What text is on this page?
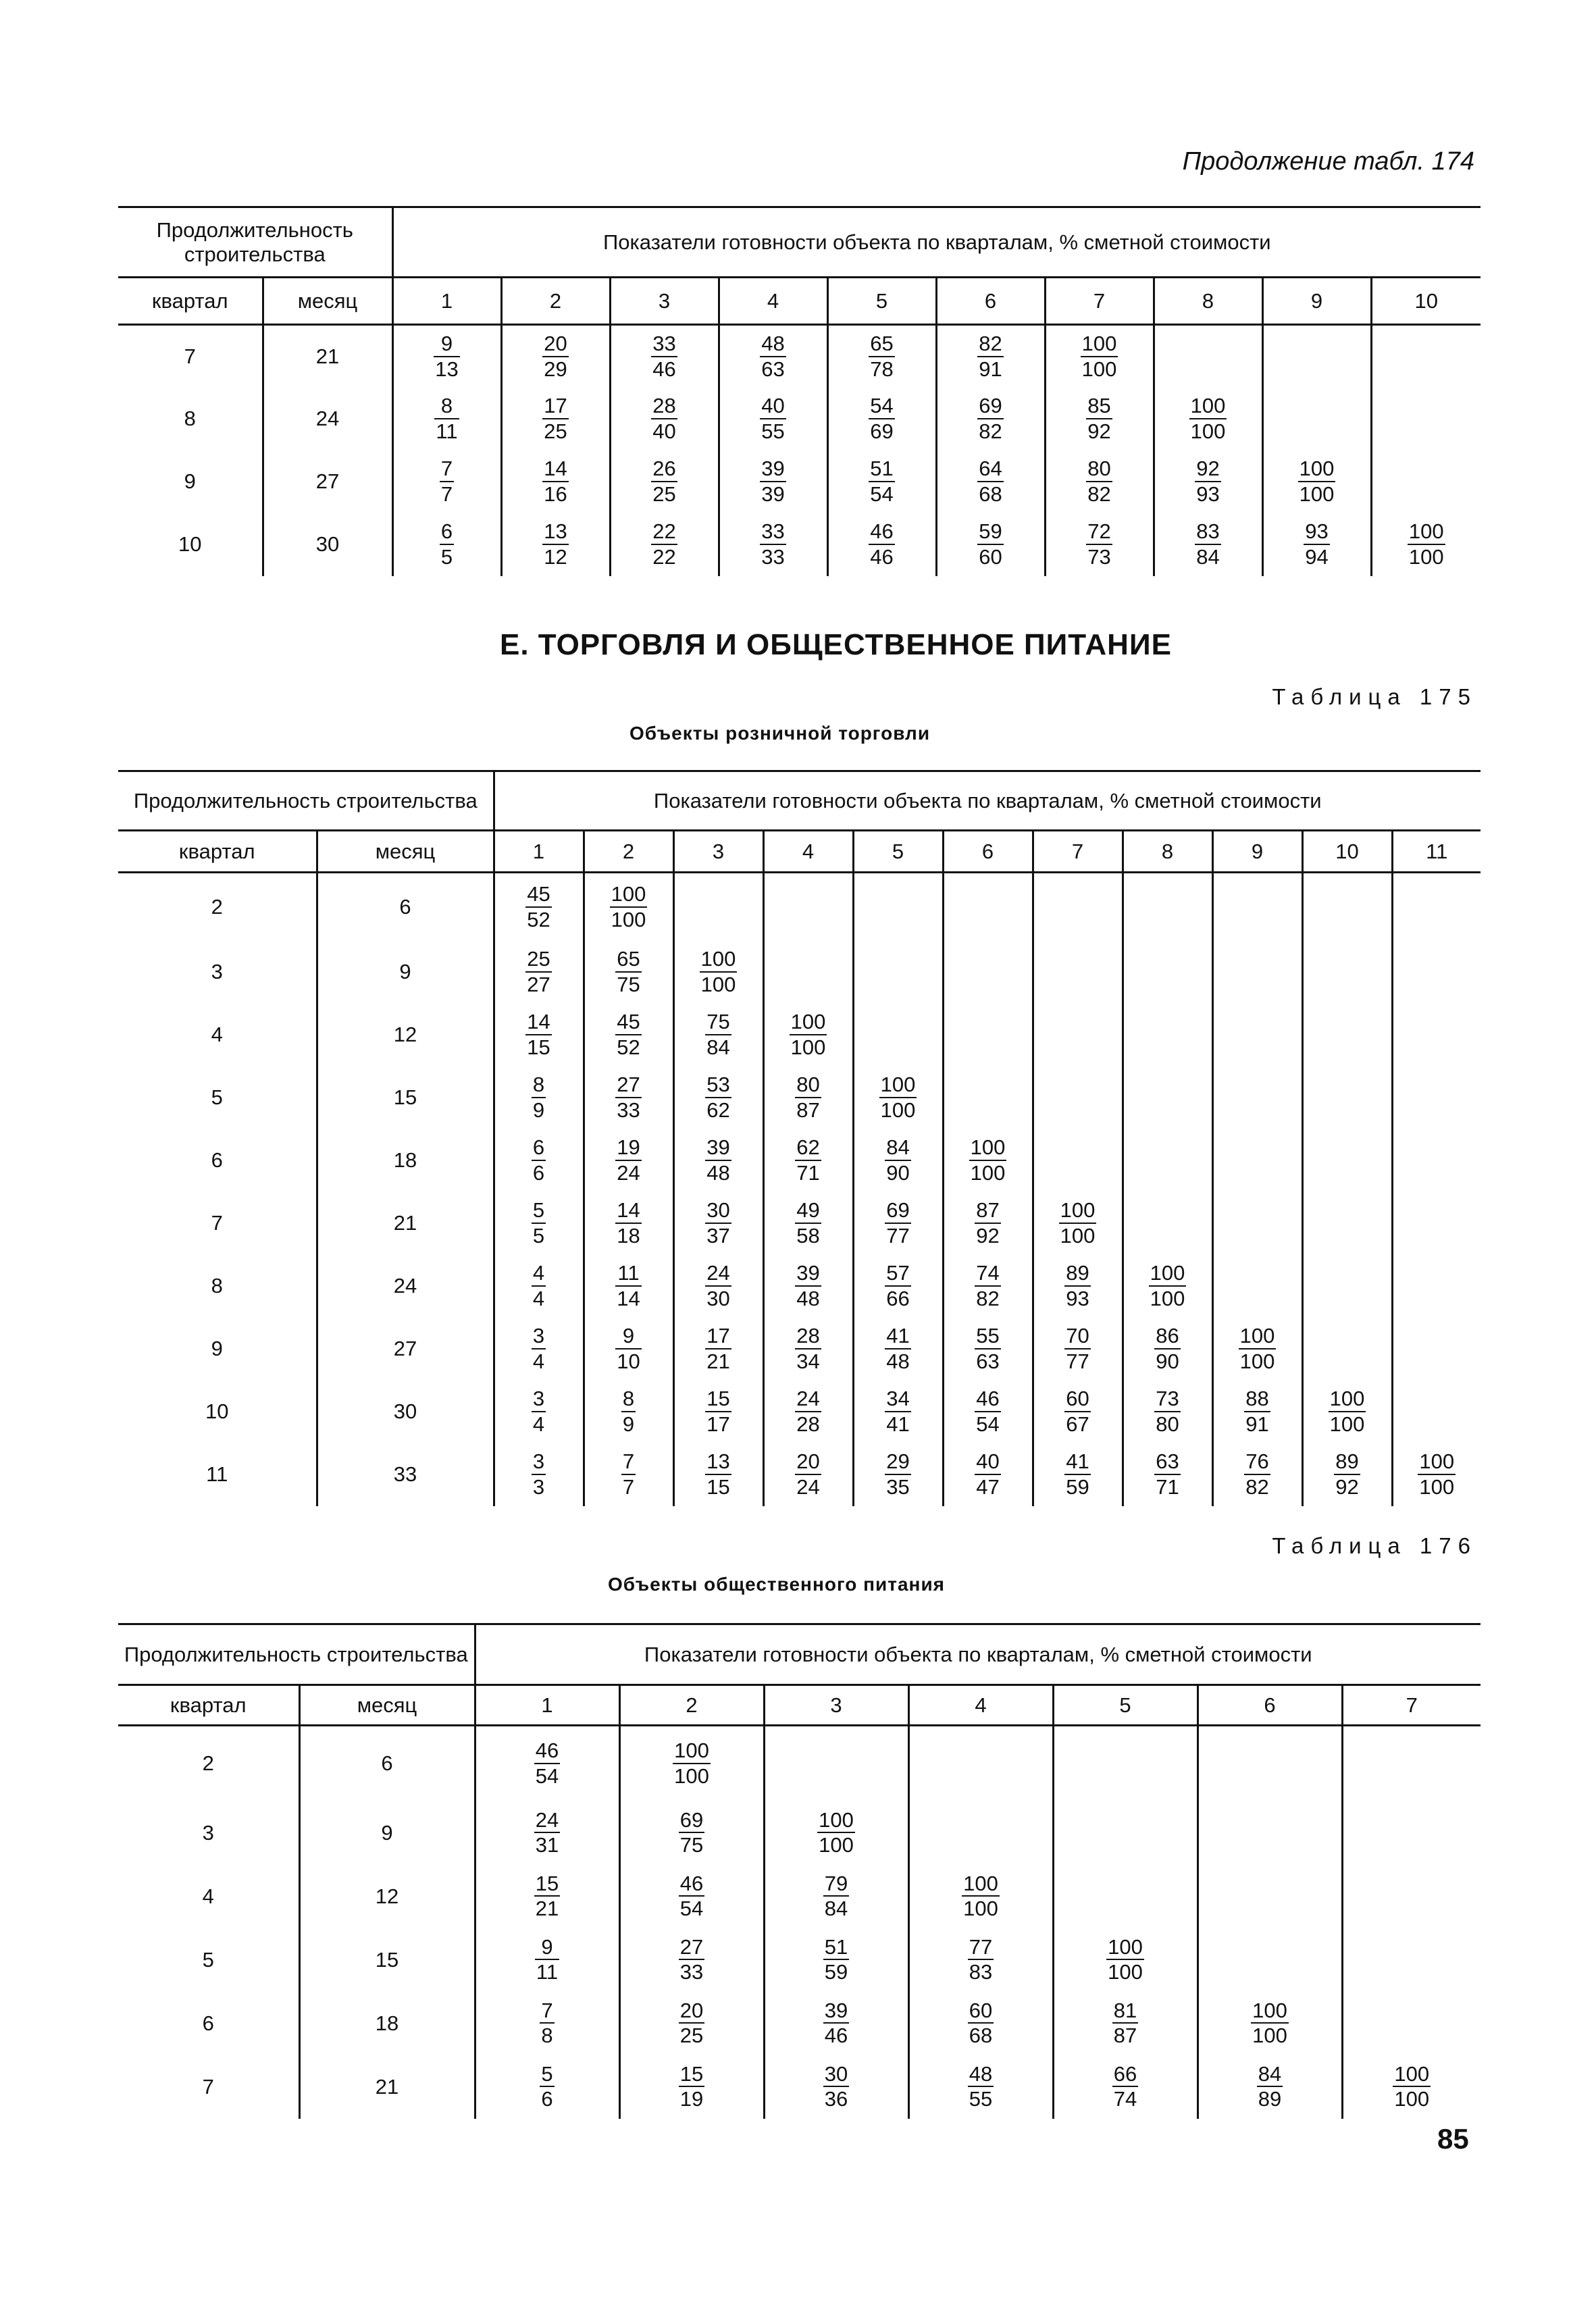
Продолжение табл. 174
Продолжительность строительства		Показатели готовности объекта по кварталам, % сметной стоимости									
квартал	месяц	1	2	3	4	5	6	7	8	9	10
7	21	$\frac{9}{13}$	$\frac{20}{29}$	$\frac{33}{46}$	$\frac{48}{63}$	$\frac{65}{78}$	$\frac{82}{91}$	$\frac{100}{100}$

8	24	$\frac{8}{11}$	$\frac{17}{25}$	$\frac{28}{40}$	$\frac{40}{55}$	$\frac{54}{69}$	$\frac{69}{82}$	$\frac{85}{92}$	$\frac{100}{100}$

9	27	$\frac{7}{7}$	$\frac{14}{16}$	$\frac{26}{25}$	$\frac{39}{39}$	$\frac{51}{54}$	$\frac{64}{68}$	$\frac{80}{82}$	$\frac{92}{93}$	$\frac{100}{100}$

10	30	$\frac{6}{5}$	$\frac{13}{12}$	$\frac{22}{22}$	$\frac{33}{33}$	$\frac{46}{46}$	$\frac{59}{60}$	$\frac{72}{73}$	$\frac{83}{84}$	$\frac{93}{94}$	$\frac{100}{100}$
Е. ТОРГОВЛЯ И ОБЩЕСТВЕННОЕ ПИТАНИЕ
Таблица 175
Объекты розничной торговли
Продолжительность строительства		Показатели готовности объекта по кварталам, % сметной стоимости										
квартал	месяц	1	2	3	4	5	6	7	8	9	10	11
2	6	$\frac{45}{52}$	$\frac{100}{100}$

3	9	$\frac{25}{27}$	$\frac{65}{75}$	$\frac{100}{100}$

4	12	$\frac{14}{15}$	$\frac{45}{52}$	$\frac{75}{84}$	$\frac{100}{100}$

5	15	$\frac{8}{9}$	$\frac{27}{33}$	$\frac{53}{62}$	$\frac{80}{87}$	$\frac{100}{100}$

6	18	$\frac{6}{6}$	$\frac{19}{24}$	$\frac{39}{48}$	$\frac{62}{71}$	$\frac{84}{90}$	$\frac{100}{100}$

7	21	$\frac{5}{5}$	$\frac{14}{18}$	$\frac{30}{37}$	$\frac{49}{58}$	$\frac{69}{77}$	$\frac{87}{92}$	$\frac{100}{100}$

8	24	$\frac{4}{4}$	$\frac{11}{14}$	$\frac{24}{30}$	$\frac{39}{48}$	$\frac{57}{66}$	$\frac{74}{82}$	$\frac{89}{93}$	$\frac{100}{100}$

9	27	$\frac{3}{4}$	$\frac{9}{10}$	$\frac{17}{21}$	$\frac{28}{34}$	$\frac{41}{48}$	$\frac{55}{63}$	$\frac{70}{77}$	$\frac{86}{90}$	$\frac{100}{100}$

10	30	$\frac{3}{4}$	$\frac{8}{9}$	$\frac{15}{17}$	$\frac{24}{28}$	$\frac{34}{41}$	$\frac{46}{54}$	$\frac{60}{67}$	$\frac{73}{80}$	$\frac{88}{91}$	$\frac{100}{100}$

11	33	$\frac{3}{3}$	$\frac{7}{7}$	$\frac{13}{15}$	$\frac{20}{24}$	$\frac{29}{35}$	$\frac{40}{47}$	$\frac{41}{59}$	$\frac{63}{71}$	$\frac{76}{82}$	$\frac{89}{92}$	$\frac{100}{100}$
Таблица 176
Объекты общественного питания
Продолжительность строительства		Показатели готовности объекта по кварталам, % сметной стоимости						
квартал	месяц	1	2	3	4	5	6	7
2	6	$\frac{46}{54}$	$\frac{100}{100}$

3	9	$\frac{24}{31}$	$\frac{69}{75}$	$\frac{100}{100}$

4	12	$\frac{15}{21}$	$\frac{46}{54}$	$\frac{79}{84}$	$\frac{100}{100}$

5	15	$\frac{9}{11}$	$\frac{27}{33}$	$\frac{51}{59}$	$\frac{77}{83}$	$\frac{100}{100}$

6	18	$\frac{7}{8}$	$\frac{20}{25}$	$\frac{39}{46}$	$\frac{60}{68}$	$\frac{81}{87}$	$\frac{100}{100}$

7	21	$\frac{5}{6}$	$\frac{15}{19}$	$\frac{30}{36}$	$\frac{48}{55}$	$\frac{66}{74}$	$\frac{84}{89}$	$\frac{100}{100}$
85
